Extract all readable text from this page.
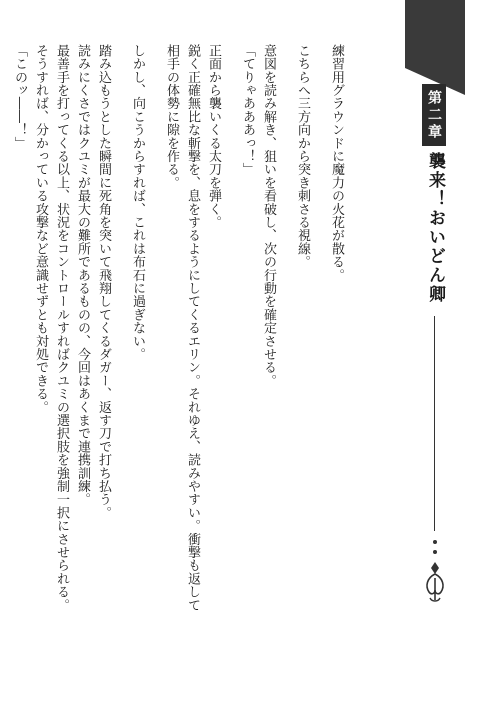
練習用グラウンドに魔力の火花が散る。

こちらへ三方向から突き刺さる視線。

意図を読み解き、狙いを看破し、次の行動を確定させる。

「てりゃあああっ！」

正面から襲いくる太刀を弾く。

鋭く正確無比な斬撃を、息をするようにしてくるエリン。それゆえ、読みやすい。衝撃も返して

相手の体勢に隙を作る。

しかし、向こうからすれば、これは布石に過ぎない。

踏み込もうとした瞬間に死角を突いて飛翔してくるダガー、返す刀で打ち払う。

読みにくさではクユミが最大の難所であるものの、今回はあくまで連携訓練。

最善手を打ってくる以上、状況をコントロールすればクユミの選択肢を強制一択にさせられる。

そうすれば、分かっている攻撃など意識せずとも対処できる。

「このッ――！」	第二章
襲来！おいどん卿
